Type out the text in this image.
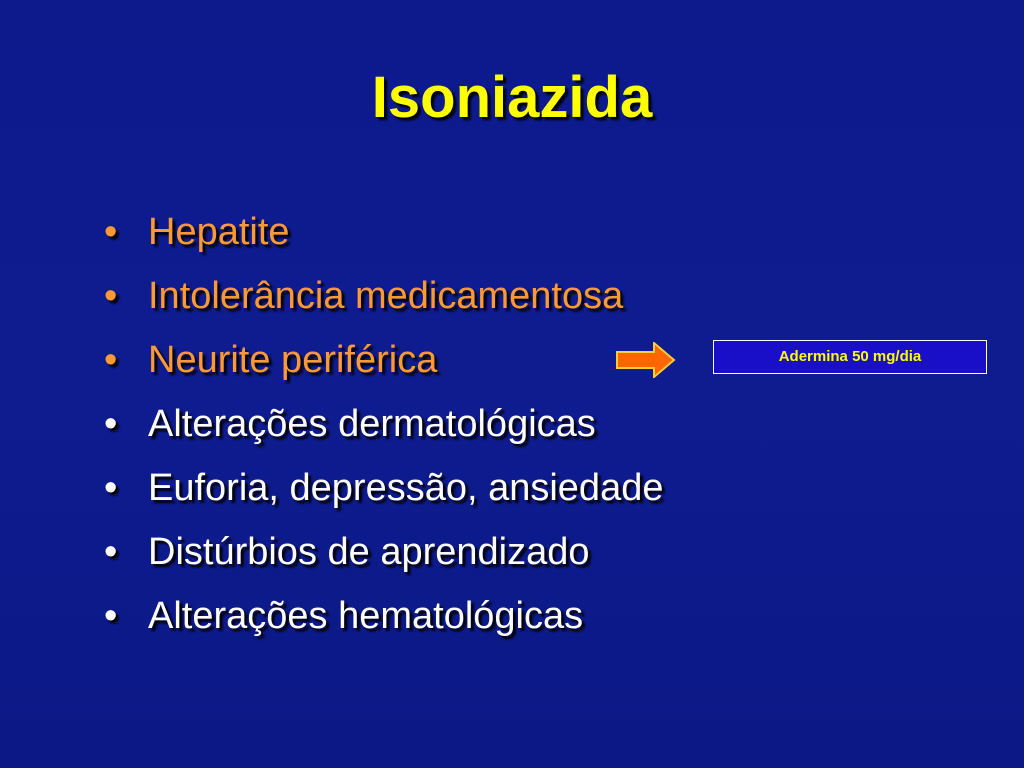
Isoniazida
• Hepatite
• Intolerância medicamentosa
• Neurite periférica
• Alterações dermatológicas
• Euforia, depressão, ansiedade
• Distúrbios de aprendizado
• Alterações hematológicas
Adermina 50 mg/dia
